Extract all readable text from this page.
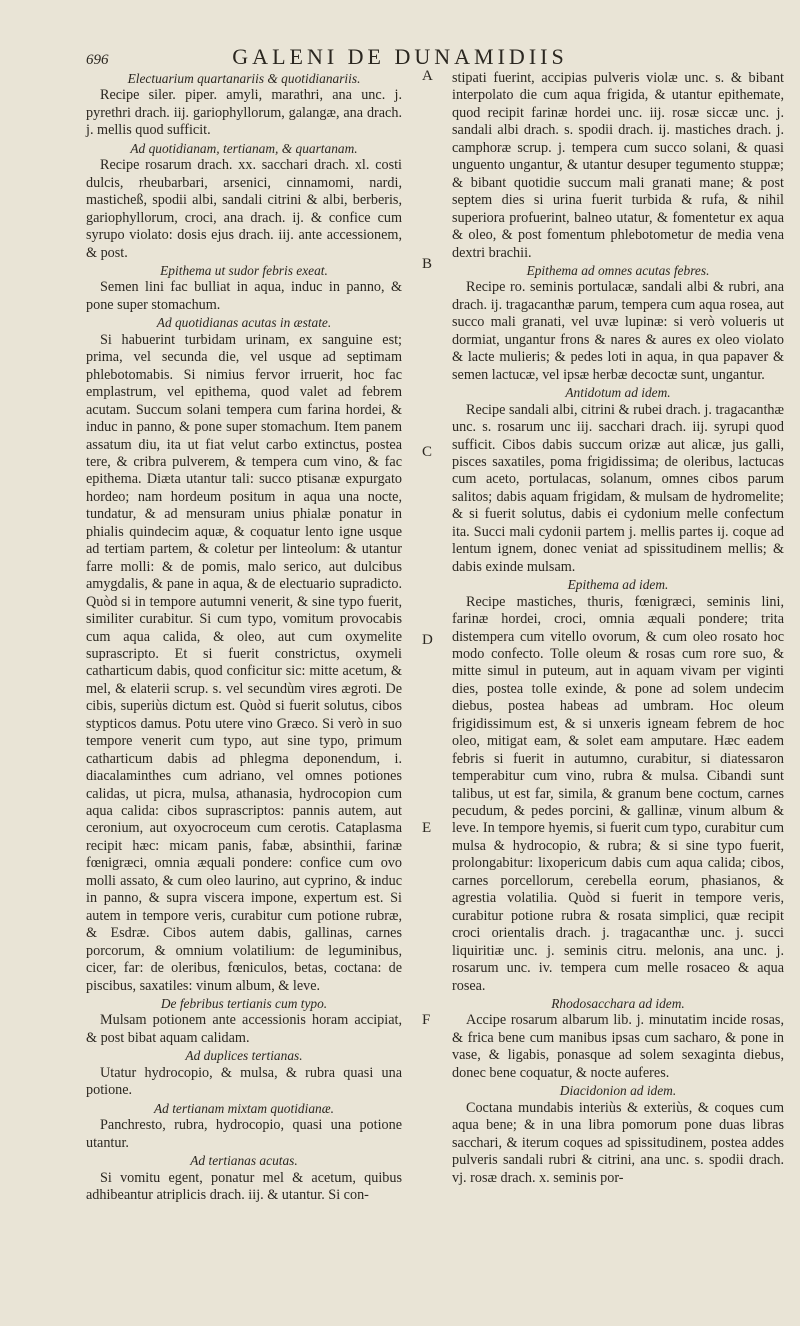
696	GALENI DE DUNAMIDIIS

Electuarium quartanariis & quotidianariis.

Recipe siler. piper. amyli, marathri, ana unc. j. pyrethri drach. iij. gariophyllorum, galangæ, ana drach. j. mellis quod sufficit.

Ad quotidianam, tertianam, & quartanam.

Recipe rosarum drach. xx. sacchari drach. xl. costi dulcis, rheubarbari, arsenici, cinnamomi, nardi, masticheß, spodii albi, sandali citrini & albi, berberis, gariophyllorum, croci, ana drach. ij. & confice cum syrupo violato: dosis ejus drach. iij. ante accessionem, & post.

Epithema ut sudor febris exeat.

Semen lini fac bulliat in aqua, induc in panno, & pone super stomachum.

Ad quotidianas acutas in æstate.

Si habuerint turbidam urinam, ex sanguine est; prima, vel secunda die, vel usque ad septimam phlebotomabis. Si nimius fervor irruerit, hoc fac emplastrum, vel epithema, quod valet ad febrem acutam. Succum solani tempera cum farina hordei, & induc in panno, & pone super stomachum. Item panem assatum diu, ita ut fiat velut carbo extinctus, postea tere, & cribra pulverem, & tempera cum vino, & fac epithema. Diæta utantur tali: succo ptisanæ expurgato hordeo; nam hordeum positum in aqua una nocte, tundatur, & ad mensuram unius phialæ ponatur in phialis quindecim aquæ, & coquatur lento igne usque ad tertiam partem, & coletur per linteolum: & utantur farre molli: & de pomis, malo serico, aut dulcibus amygdalis, & pane in aqua, & de electuario supradicto. Quòd si in tempore autumni venerit, & sine typo fuerit, similiter curabitur. Si cum typo, vomitum provocabis cum aqua calida, & oleo, aut cum oxymelite suprascripto. Et si fuerit constrictus, oxymeli catharticum dabis, quod conficitur sic: mitte acetum, & mel, & elaterii scrup. s. vel secundùm vires ægroti. De cibis, superiùs dictum est. Quòd si fuerit solutus, cibos stypticos damus. Potu utere vino Græco. Si verò in suo tempore venerit cum typo, aut sine typo, primum catharticum dabis ad phlegma deponendum, i. diacalaminthes cum adriano, vel omnes potiones calidas, ut picra, mulsa, athanasia, hydrocopion cum aqua calida: cibos suprascriptos: pannis autem, aut ceronium, aut oxyocroceum cum cerotis. Cataplasma recipit hæc: micam panis, fabæ, absinthii, farinæ fœnigræci, omnia æquali pondere: confice cum ovo molli assato, & cum oleo laurino, aut cyprino, & induc in panno, & supra viscera impone, expertum est. Si autem in tempore veris, curabitur cum potione rubræ, & Esdræ. Cibos autem dabis, gallinas, carnes porcorum, & omnium volatilium: de leguminibus, cicer, far: de oleribus, fœniculos, betas, coctana: de piscibus, saxatiles: vinum album, & leve.

De febribus tertianis cum typo.

Mulsam potionem ante accessionis horam accipiat, & post bibat aquam calidam.

Ad duplices tertianas.

Utatur hydrocopio, & mulsa, & rubra quasi una potione.

Ad tertianam mixtam quotidianæ.

Panchresto, rubra, hydrocopio, quasi una potione utantur.

Ad tertianas acutas.

Si vomitu egent, ponatur mel & acetum, quibus adhibeantur atriplicis drach. iij. & utantur. Si con-

stipati fuerint, accipias pulveris violæ unc. s. & bibant interpolato die cum aqua frigida, & utantur epithemate, quod recipit farinæ hordei unc. iij. rosæ siccæ unc. j. sandali albi drach. s. spodii drach. ij. mastiches drach. j. camphoræ scrup. j. tempera cum succo solani, & quasi unguento ungantur, & utantur desuper tegumento stuppæ; & bibant quotidie succum mali granati mane; & post septem dies si urina fuerit turbida & rufa, & nihil superiora profuerint, balneo utatur, & fomentetur ex aqua & oleo, & post fomentum phlebotometur de media vena dextri brachii.

Epithema ad omnes acutas febres.

Recipe ro. seminis portulacæ, sandali albi & rubri, ana drach. ij. tragacanthæ parum, tempera cum aqua rosea, aut succo mali granati, vel uvæ lupinæ: si verò volueris ut dormiat, ungantur frons & nares & aures ex oleo violato & lacte mulieris; & pedes loti in aqua, in qua papaver & semen lactucæ, vel ipsæ herbæ decoctæ sunt, ungantur.

Antidotum ad idem.

Recipe sandali albi, citrini & rubei drach. j. tragacanthæ unc. s. rosarum unc iij. sacchari drach. iij. syrupi quod sufficit. Cibos dabis succum orizæ aut alicæ, jus galli, pisces saxatiles, poma frigidissima; de oleribus, lactucas cum aceto, portulacas, solanum, omnes cibos parum salitos; dabis aquam frigidam, & mulsam de hydromelite; & si fuerit solutus, dabis ei cydonium melle confectum ita. Succi mali cydonii partem j. mellis partes ij. coque ad lentum ignem, donec veniat ad spissitudinem mellis; & dabis exinde mulsam.

Epithema ad idem.

Recipe mastiches, thuris, fœnigræci, seminis lini, farinæ hordei, croci, omnia æquali pondere; trita distempera cum vitello ovorum, & cum oleo rosato hoc modo confecto. Tolle oleum & rosas cum rore suo, & mitte simul in puteum, aut in aquam vivam per viginti dies, postea tolle exinde, & pone ad solem undecim diebus, postea habeas ad umbram. Hoc oleum frigidissimum est, & si unxeris igneam febrem de hoc oleo, mitigat eam, & solet eam amputare. Hæc eadem febris si fuerit in autumno, curabitur, si diatessaron temperabitur cum vino, rubra & mulsa. Cibandi sunt talibus, ut est far, simila, & granum bene coctum, carnes pecudum, & pedes porcini, & gallinæ, vinum album & leve. In tempore hyemis, si fuerit cum typo, curabitur cum mulsa & hydrocopio, & rubra; & si sine typo fuerit, prolongabitur: lixopericum dabis cum aqua calida; cibos, carnes porcellorum, cerebella eorum, phasianos, & agrestia volatilia. Quòd si fuerit in tempore veris, curabitur potione rubra & rosata simplici, quæ recipit croci orientalis drach. j. tragacanthæ unc. j. succi liquiritiæ unc. j. seminis citru. melonis, ana unc. j. rosarum unc. iv. tempera cum melle rosaceo & aqua rosea.

Rhodosacchara ad idem.

Accipe rosarum albarum lib. j. minutatim incide rosas, & frica bene cum manibus ipsas cum sacharo, & pone in vase, & ligabis, ponasque ad solem sexaginta diebus, donec bene coquatur, & nocte auferes.

Diacidonion ad idem.

Coctana mundabis interiùs & exteriùs, & coques cum aqua bene; & in una libra pomorum pone duas libras sacchari, & iterum coques ad spissitudinem, postea addes pulveris sandali rubri & citrini, ana unc. s. spodii drach. vj. rosæ drach. x. seminis por-

A
B
C
D
E
F
